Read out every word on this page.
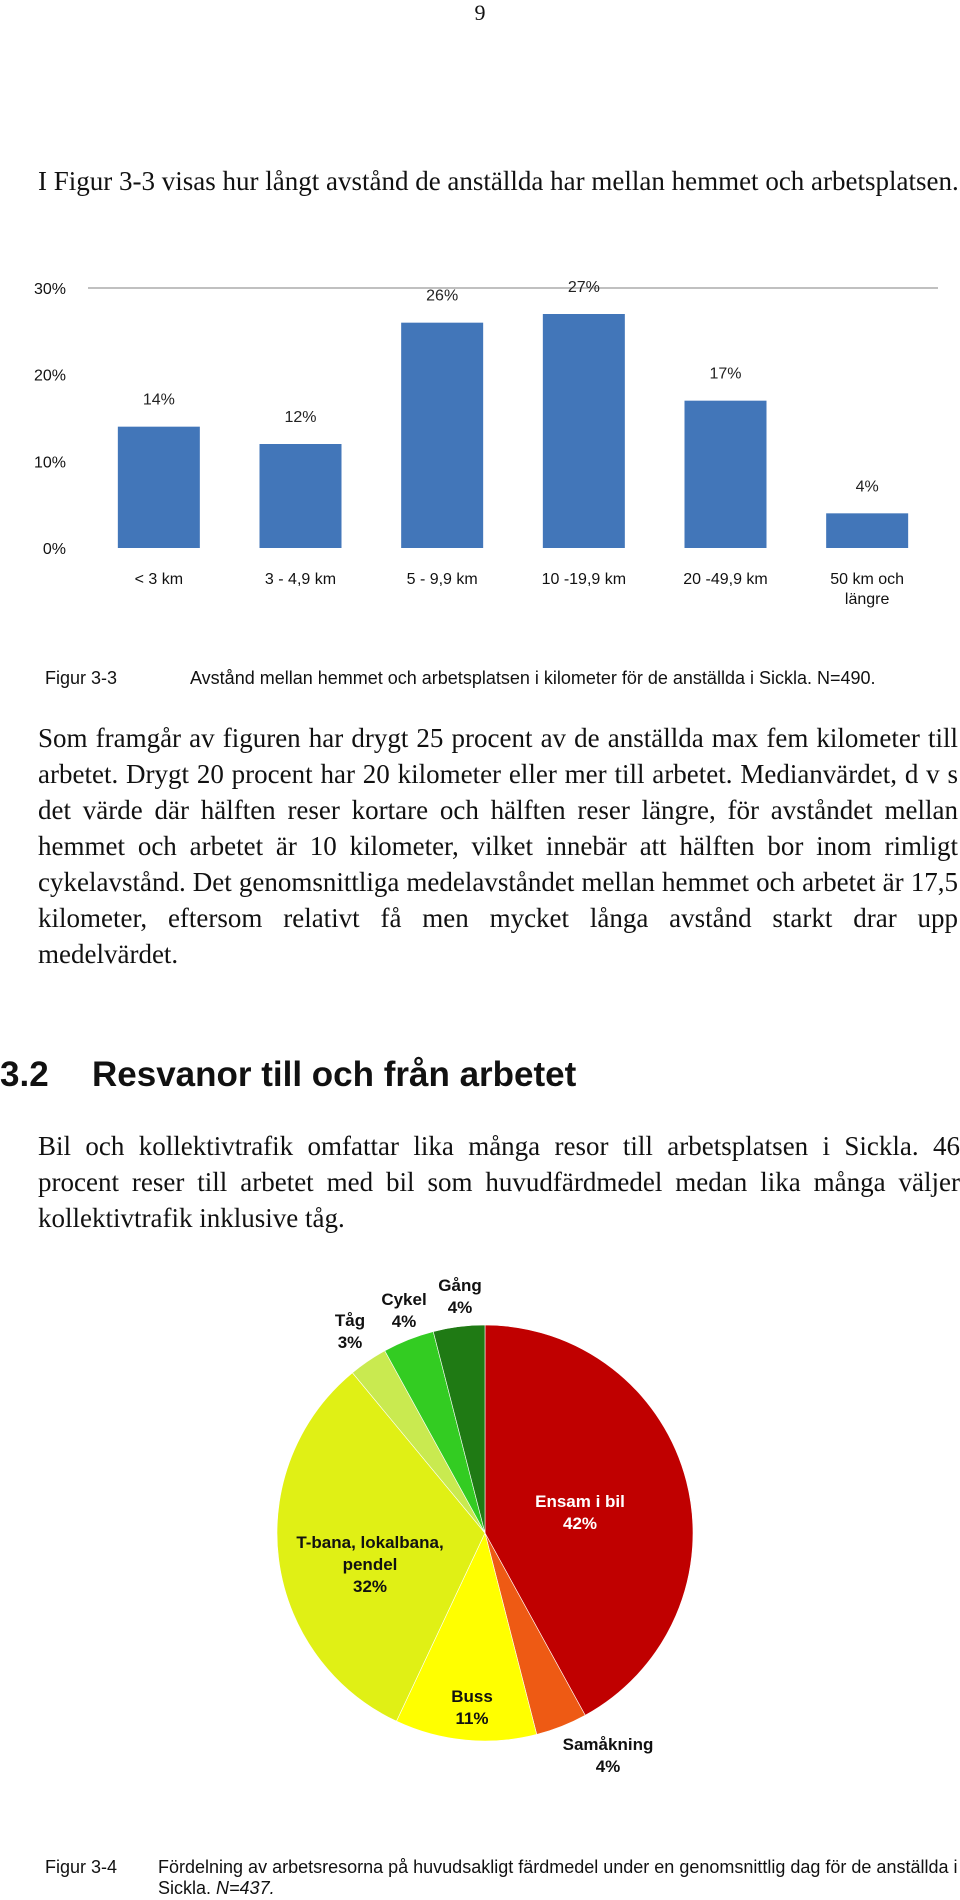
9
I Figur 3-3 visas hur långt avstånd de anställda har mellan hemmet och arbetsplatsen.
0%
10%
20%
30%
14%
12%
26%
27%
17%
4%
< 3 km	3 - 4,9 km	5 - 9,9 km	10 -19,9 km	20 -49,9 km	50 km och
längre
Figur 3-3	Avstånd mellan hemmet och arbetsplatsen i kilometer för de anställda i Sickla. N=490.
Som framgår av figuren har drygt 25 procent av de anställda max fem kilometer till arbetet. Drygt 20 procent har 20 kilometer eller mer till arbetet. Medianvärdet, d v s det värde där hälften reser kortare och hälften reser längre, för avståndet mellan hemmet och arbetet är 10 kilometer, vilket innebär att hälften bor inom rimligt cykelavstånd. Det genomsnittliga medelavståndet mellan hemmet och arbetet är 17,5 kilometer, eftersom relativt få men mycket långa avstånd starkt drar upp medelvärdet.
3.2 Resvanor till och från arbetet
Bil och kollektivtrafik omfattar lika många resor till arbetsplatsen i Sickla. 46 procent reser till arbetet med bil som huvudfärdmedel medan lika många väljer kollektivtrafik inklusive tåg.
Ensam i bil
42%
Samåkning
4%
Buss
11%
T-bana, lokalbana,
pendel
32%
Tåg
3%
Cykel
4%
Gång
4%
Figur 3-4	Fördelning av arbetsresorna på huvudsakligt färdmedel under en genomsnittlig dag för de anställda i Sickla. N=437.
